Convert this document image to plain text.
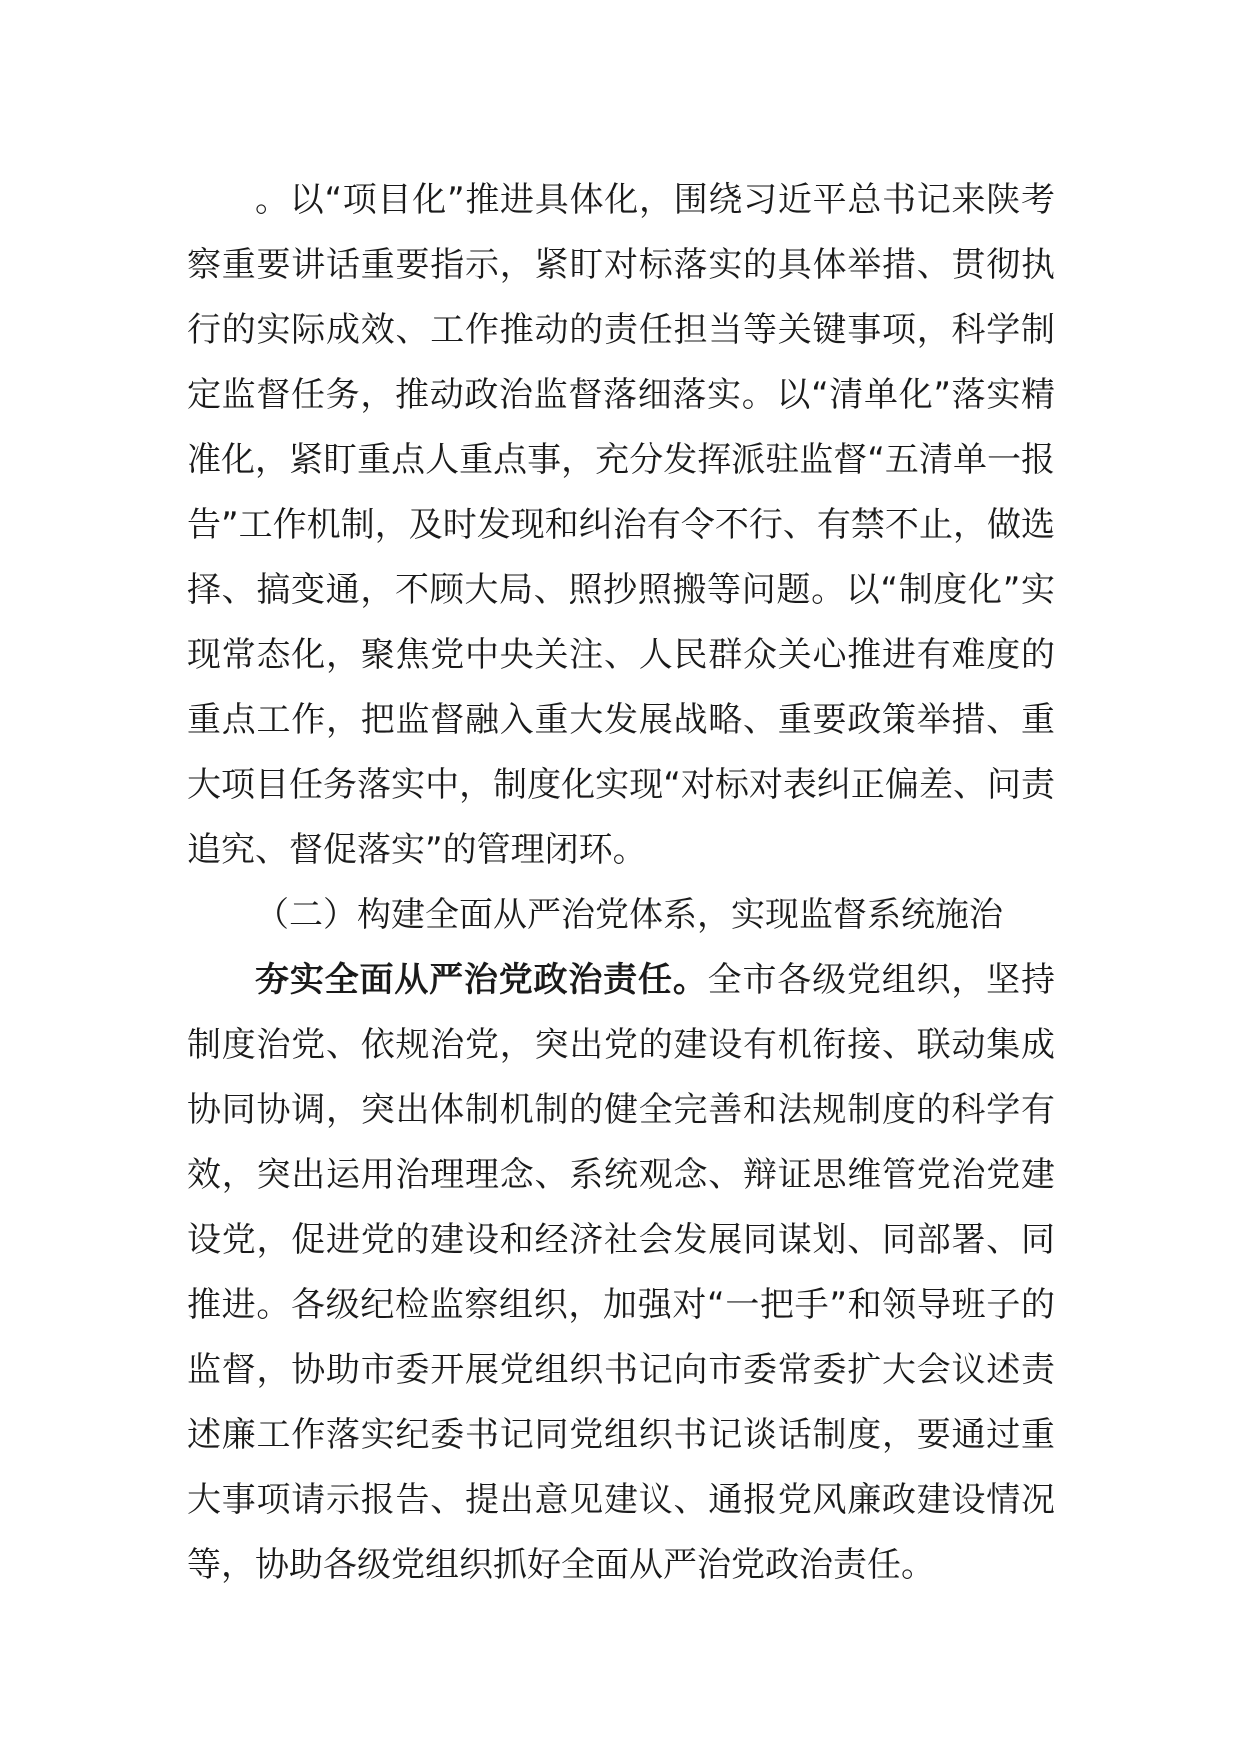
。以“项目化”推进具体化，围绕习近平总书记来陕考察重要讲话重要指示，紧盯对标落实的具体举措、贯彻执行的实际成效、工作推动的责任担当等关键事项，科学制定监督任务，推动政治监督落细落实。以“清单化”落实精准化，紧盯重点人重点事，充分发挥派驻监督“五清单一报告”工作机制，及时发现和纠治有令不行、有禁不止，做选择、搞变通，不顾大局、照抄照搬等问题。以“制度化”实现常态化，聚焦党中央关注、人民群众关心推进有难度的重点工作，把监督融入重大发展战略、重要政策举措、重大项目任务落实中，制度化实现“对标对表纠正偏差、问责追究、督促落实”的管理闭环。

（二）构建全面从严治党体系，实现监督系统施治

夯实全面从严治党政治责任。全市各级党组织，坚持制度治党、依规治党，突出党的建设有机衔接、联动集成协同协调，突出体制机制的健全完善和法规制度的科学有效，突出运用治理理念、系统观念、辩证思维管党治党建设党，促进党的建设和经济社会发展同谋划、同部署、同推进。各级纪检监察组织，加强对“一把手”和领导班子的监督，协助市委开展党组织书记向市委常委扩大会议述责述廉工作落实纪委书记同党组织书记谈话制度，要通过重大事项请示报告、提出意见建议、通报党风廉政建设情况等，协助各级党组织抓好全面从严治党政治责任。
